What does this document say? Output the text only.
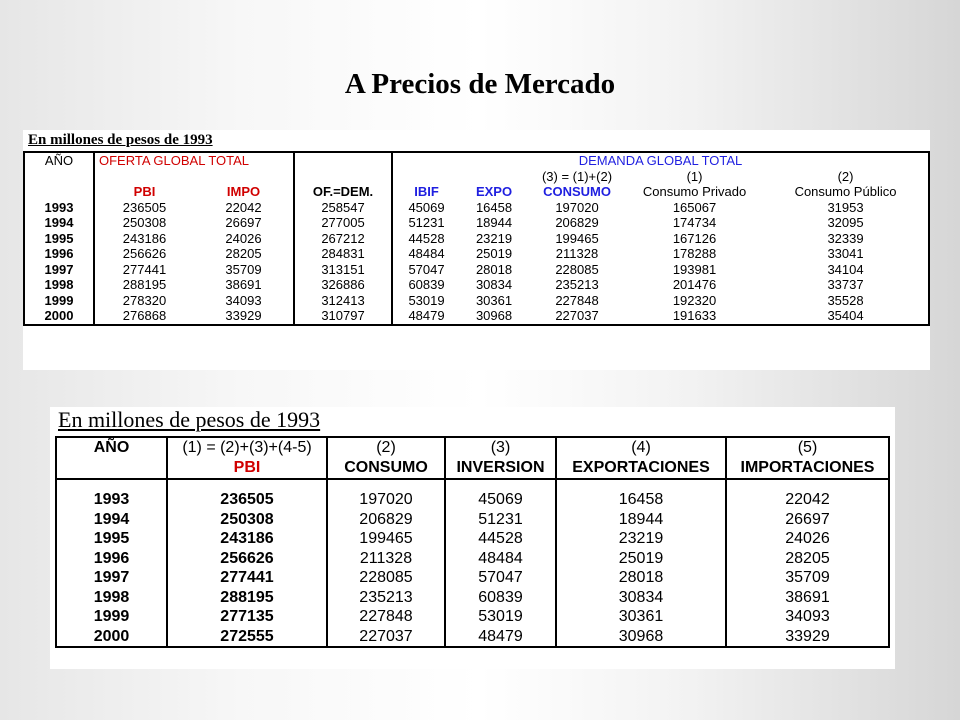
A Precios de Mercado
En millones de pesos de 1993
AÑO	OFERTA GLOBAL TOTAL			DEMANDA GLOBAL TOTAL				
						(3) = (1)+(2)	(1)	(2)
	PBI	IMPO	OF.=DEM.	IBIF	EXPO	CONSUMO	Consumo Privado	Consumo Público
1993	236505	22042	258547	45069	16458	197020	165067	31953
1994	250308	26697	277005	51231	18944	206829	174734	32095
1995	243186	24026	267212	44528	23219	199465	167126	32339
1996	256626	28205	284831	48484	25019	211328	178288	33041
1997	277441	35709	313151	57047	28018	228085	193981	34104
1998	288195	38691	326886	60839	30834	235213	201476	33737
1999	278320	34093	312413	53019	30361	227848	192320	35528
2000	276868	33929	310797	48479	30968	227037	191633	35404
En millones de pesos de 1993
AÑO	(1) = (2)+(3)+(4-5)	(2)	(3)	(4)	(5)
	PBI	CONSUMO	INVERSION	EXPORTACIONES	IMPORTACIONES

1993	236505	197020	45069	16458	22042
1994	250308	206829	51231	18944	26697
1995	243186	199465	44528	23219	24026
1996	256626	211328	48484	25019	28205
1997	277441	228085	57047	28018	35709
1998	288195	235213	60839	30834	38691
1999	277135	227848	53019	30361	34093
2000	272555	227037	48479	30968	33929
